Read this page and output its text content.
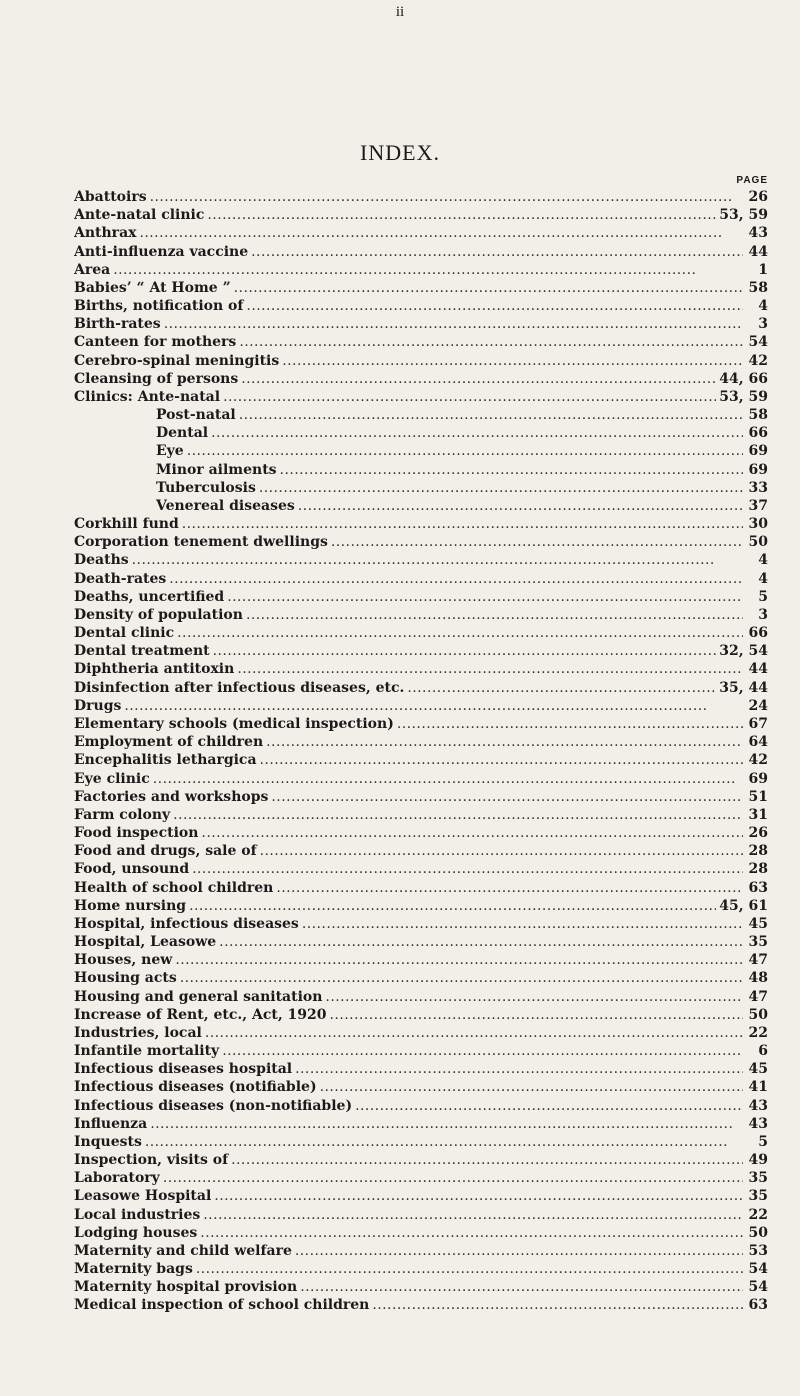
ii
INDEX.
PAGE
Abattoirs . . .	26
Ante-natal clinic . . .	53, 59
Anthrax . . .	43
Anti-influenza vaccine . . .	44
Area . . .	1
Babies’ “ At Home ” . . .	58
Births, notification of . . .	4
Birth-rates . . .	3
Canteen for mothers . . .	54
Cerebro-spinal meningitis . . .	42
Cleansing of persons . . .	44, 66
Clinics: Ante-natal . . .	53, 59
Post-natal . . .	58
Dental . . .	66
Eye . . .	69
Minor ailments . . .	69
Tuberculosis . . .	33
Venereal diseases . . .	37
Corkhill fund . . .	30
Corporation tenement dwellings . . .	50
Deaths . . .	4
Death-rates . . .	4
Deaths, uncertified . . .	5
Density of population . . .	3
Dental clinic . . .	66
Dental treatment . . .	32, 54
Diphtheria antitoxin . . .	44
Disinfection after infectious diseases, etc. . . .	35, 44
Drugs . . .	24
Elementary schools (medical inspection) . . .	67
Employment of children . . .	64
Encephalitis lethargica . . .	42
Eye clinic . . .	69
Factories and workshops . . .	51
Farm colony . . .	31
Food inspection . . .	26
Food and drugs, sale of . . .	28
Food, unsound . . .	28
Health of school children . . .	63
Home nursing . . .	45, 61
Hospital, infectious diseases . . .	45
Hospital, Leasowe . . .	35
Houses, new . . .	47
Housing acts . . .	48
Housing and general sanitation . . .	47
Increase of Rent, etc., Act, 1920 . . .	50
Industries, local . . .	22
Infantile mortality . . .	6
Infectious diseases hospital . . .	45
Infectious diseases (notifiable) . . .	41
Infectious diseases (non-notifiable) . . .	43
Influenza . . .	43
Inquests . . .	5
Inspection, visits of . . .	49
Laboratory . . .	35
Leasowe Hospital . . .	35
Local industries . . .	22
Lodging houses . . .	50
Maternity and child welfare . . .	53
Maternity bags . . .	54
Maternity hospital provision . . .	54
Medical inspection of school children . . .	63
